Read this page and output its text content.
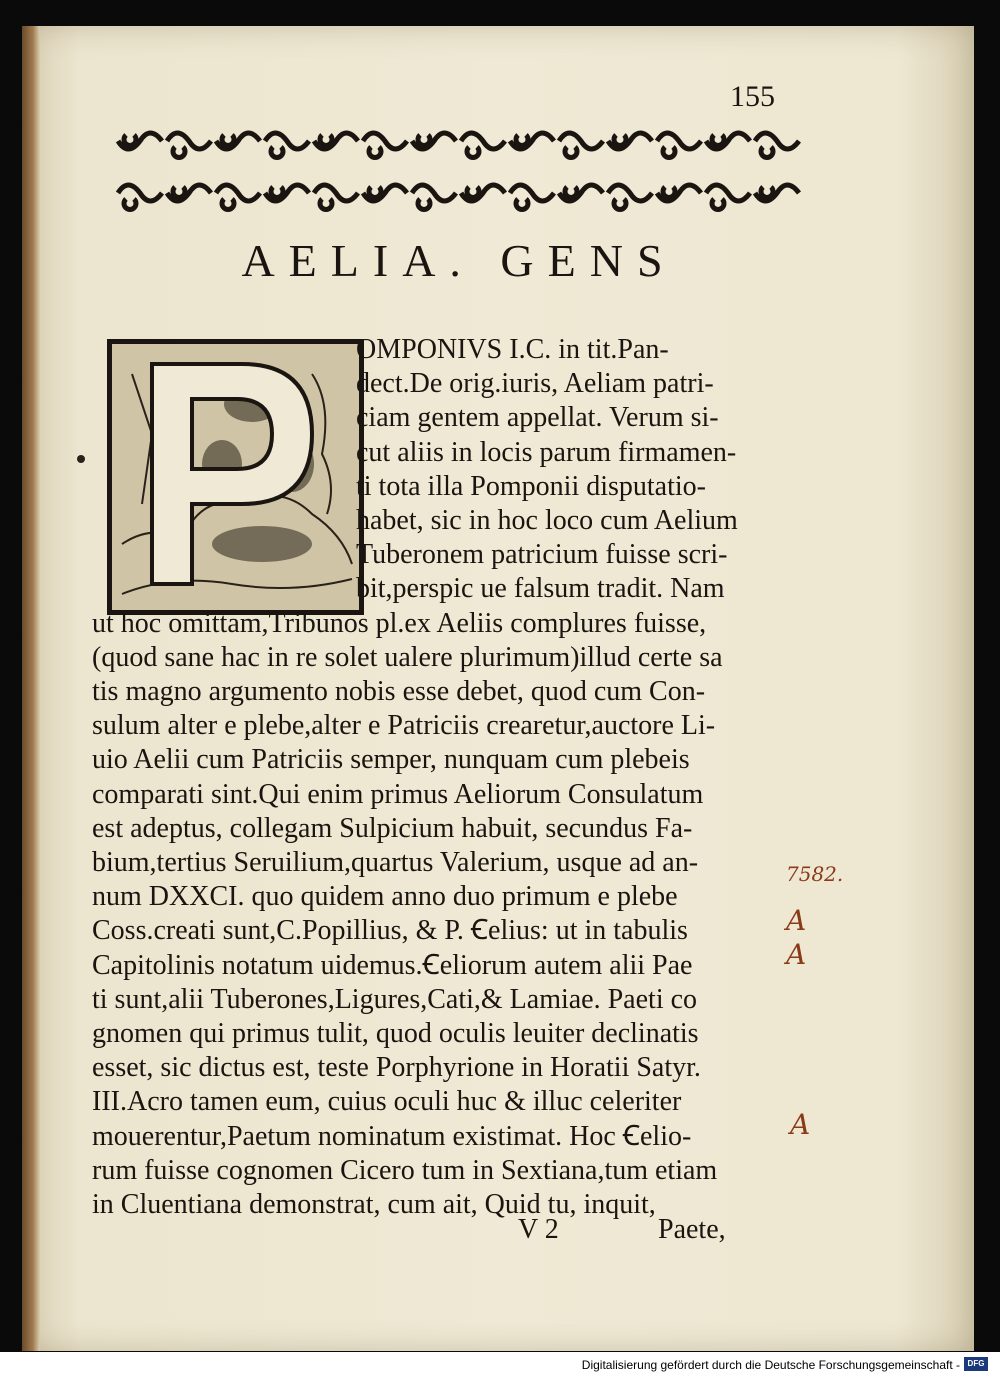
155
AELIA. GENS
OMPONIVS I.C. in tit.Pan-
dect.De orig.iuris, Aeliam patri-
ciam gentem appellat. Verum si-
cut aliis in locis parum firmamen-
ti tota illa Pomponii disputatio-
habet, sic in hoc loco cum Aelium
Tuberonem patricium fuisse scri-
bit,perspic ue falsum tradit. Nam
ut hoc omittam,Tribunos pl.ex Aeliis complures fuisse,
(quod sane hac in re solet ualere plurimum)illud certe sa
tis magno argumento nobis esse debet, quod cum Con-
sulum alter e plebe,alter e Patriciis crearetur,auctore Li-
uio Aelii cum Patriciis semper, nunquam cum plebeis
comparati sint.Qui enim primus Aeliorum Consulatum
est adeptus, collegam Sulpicium habuit, secundus Fa-
bium,tertius Seruilium,quartus Valerium, usque ad an-
num DXXCI. quo quidem anno duo primum e plebe
Coss.creati sunt,C.Popillius, & P. Ꞓelius: ut in tabulis
Capitolinis notatum uidemus.Ꞓeliorum autem alii Pae
ti sunt,alii Tuberones,Ligures,Cati,& Lamiae. Paeti co
gnomen qui primus tulit, quod oculis leuiter declinatis
esset, sic dictus est, teste Porphyrione in Horatii Satyr.
III.Acro tamen eum, cuius oculi huc & illuc celeriter
mouerentur,Paetum nominatum existimat. Hoc Ꞓelio-
rum fuisse cognomen Cicero tum in Sextiana,tum etiam
in Cluentiana demonstrat, cum ait, Quid tu, inquit,
V 2	Paete,
7582.
A
A
A
Digitalisierung gefördert durch die Deutsche Forschungsgemeinschaft - DFG
